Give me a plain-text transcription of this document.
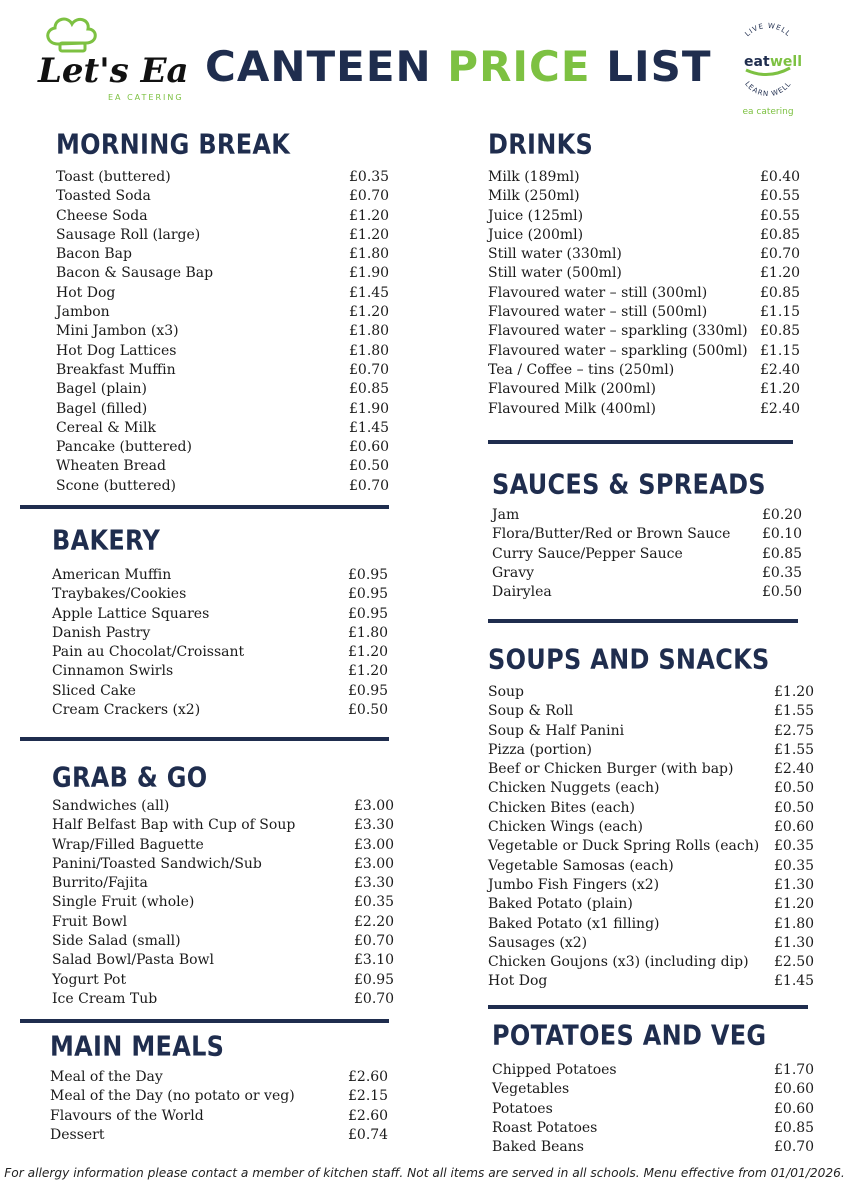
Let's Eat
EA CATERING
CANTEEN PRICE LIST
LIVE WELL
eat well
LEARN WELL
ea catering
MORNING BREAK
Toast (buttered)	£0.35
Toasted Soda	£0.70
Cheese Soda	£1.20
Sausage Roll (large)	£1.20
Bacon Bap	£1.80
Bacon & Sausage Bap	£1.90
Hot Dog	£1.45
Jambon	£1.20
Mini Jambon (x3)	£1.80
Hot Dog Lattices	£1.80
Breakfast Muffin	£0.70
Bagel (plain)	£0.85
Bagel (filled)	£1.90
Cereal & Milk	£1.45
Pancake (buttered)	£0.60
Wheaten Bread	£0.50
Scone (buttered)	£0.70
BAKERY
American Muffin	£0.95
Traybakes/Cookies	£0.95
Apple Lattice Squares	£0.95
Danish Pastry	£1.80
Pain au Chocolat/Croissant	£1.20
Cinnamon Swirls	£1.20
Sliced Cake	£0.95
Cream Crackers (x2)	£0.50
GRAB & GO
Sandwiches (all)	£3.00
Half Belfast Bap with Cup of Soup	£3.30
Wrap/Filled Baguette	£3.00
Panini/Toasted Sandwich/Sub	£3.00
Burrito/Fajita	£3.30
Single Fruit (whole)	£0.35
Fruit Bowl	£2.20
Side Salad (small)	£0.70
Salad Bowl/Pasta Bowl	£3.10
Yogurt Pot	£0.95
Ice Cream Tub	£0.70
MAIN MEALS
Meal of the Day	£2.60
Meal of the Day (no potato or veg)	£2.15
Flavours of the World	£2.60
Dessert	£0.74
DRINKS
Milk (189ml)	£0.40
Milk (250ml)	£0.55
Juice (125ml)	£0.55
Juice (200ml)	£0.85
Still water (330ml)	£0.70
Still water (500ml)	£1.20
Flavoured water – still (300ml)	£0.85
Flavoured water – still (500ml)	£1.15
Flavoured water – sparkling (330ml) £0.85
Flavoured water – sparkling (500ml) £1.15
Tea / Coffee – tins (250ml)	£2.40
Flavoured Milk (200ml)	£1.20
Flavoured Milk (400ml)	£2.40
SAUCES & SPREADS
Jam	£0.20
Flora/Butter/Red or Brown Sauce £0.10
Curry Sauce/Pepper Sauce	£0.85
Gravy	£0.35
Dairylea	£0.50
SOUPS AND SNACKS
Soup	£1.20
Soup & Roll	£1.55
Soup & Half Panini	£2.75
Pizza (portion)	£1.55
Beef or Chicken Burger (with bap)	£2.40
Chicken Nuggets (each)	£0.50
Chicken Bites (each)	£0.50
Chicken Wings (each)	£0.60
Vegetable or Duck Spring Rolls (each) £0.35
Vegetable Samosas (each)	£0.35
Jumbo Fish Fingers (x2)	£1.30
Baked Potato (plain)	£1.20
Baked Potato (x1 filling)	£1.80
Sausages (x2)	£1.30
Chicken Goujons (x3) (including dip) £2.50
Hot Dog	£1.45
POTATOES AND VEG
Chipped Potatoes	£1.70
Vegetables	£0.60
Potatoes	£0.60
Roast Potatoes	£0.85
Baked Beans	£0.70
For allergy information please contact a member of kitchen staff. Not all items are served in all schools. Menu effective from 01/01/2026.
